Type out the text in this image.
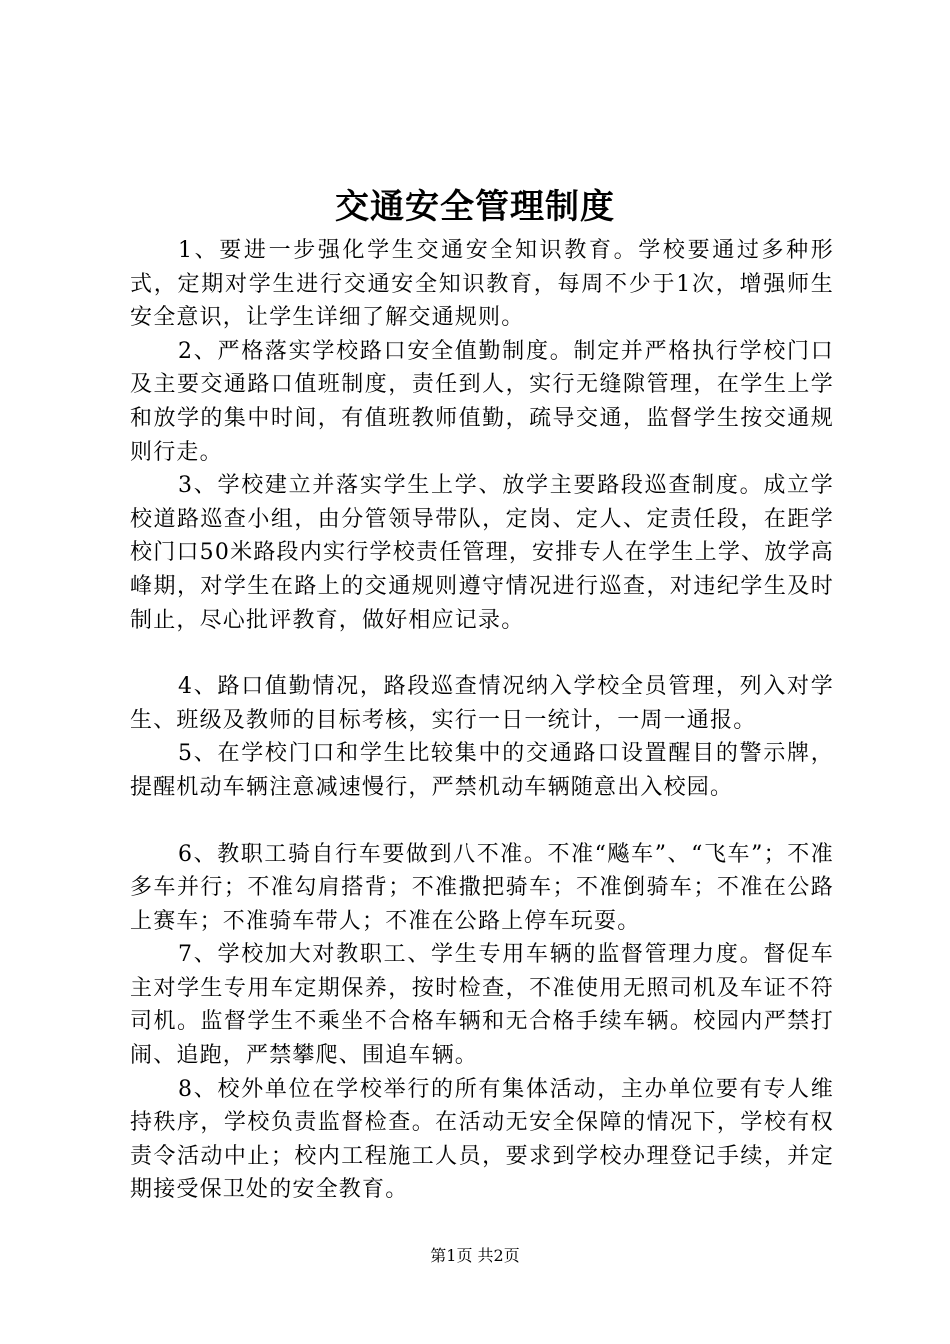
交通安全管理制度

1、要进一步强化学生交通安全知识教育。学校要通过多种形式，定期对学生进行交通安全知识教育，每周不少于1次，增强师生安全意识，让学生详细了解交通规则。

2、严格落实学校路口安全值勤制度。制定并严格执行学校门口及主要交通路口值班制度，责任到人，实行无缝隙管理，在学生上学和放学的集中时间，有值班教师值勤，疏导交通，监督学生按交通规则行走。

3、学校建立并落实学生上学、放学主要路段巡查制度。成立学校道路巡查小组，由分管领导带队，定岗、定人、定责任段，在距学校门口50米路段内实行学校责任管理，安排专人在学生上学、放学高峰期，对学生在路上的交通规则遵守情况进行巡查，对违纪学生及时制止，尽心批评教育，做好相应记录。

4、路口值勤情况，路段巡查情况纳入学校全员管理，列入对学生、班级及教师的目标考核，实行一日一统计，一周一通报。

5、在学校门口和学生比较集中的交通路口设置醒目的警示牌，提醒机动车辆注意减速慢行，严禁机动车辆随意出入校园。

6、教职工骑自行车要做到八不准。不准“飚车”、“飞车”；不准多车并行；不准勾肩搭背；不准撒把骑车；不准倒骑车；不准在公路上赛车；不准骑车带人；不准在公路上停车玩耍。

7、学校加大对教职工、学生专用车辆的监督管理力度。督促车主对学生专用车定期保养，按时检查，不准使用无照司机及车证不符司机。监督学生不乘坐不合格车辆和无合格手续车辆。校园内严禁打闹、追跑，严禁攀爬、围追车辆。

8、校外单位在学校举行的所有集体活动，主办单位要有专人维持秩序，学校负责监督检查。在活动无安全保障的情况下，学校有权责令活动中止；校内工程施工人员，要求到学校办理登记手续，并定期接受保卫处的安全教育。

第1页 共2页
